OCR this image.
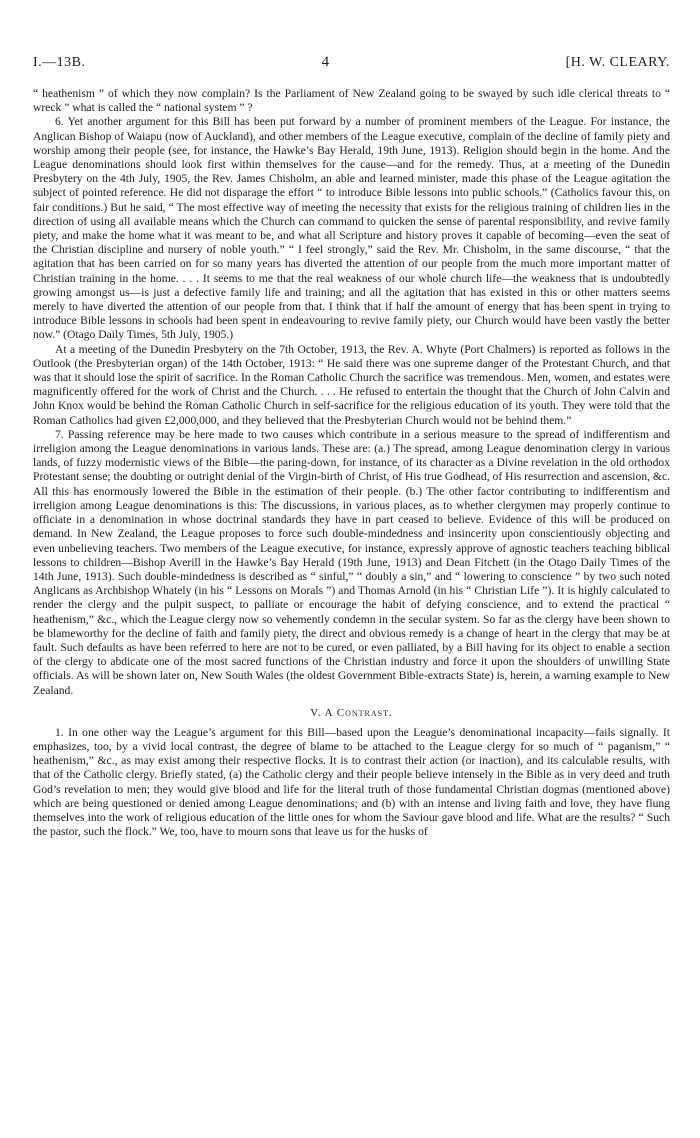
I.—13B.	4	[H. W. CLEARY.

“ heathenism ” of which they now complain? Is the Parliament of New Zealand going to be swayed by such idle clerical threats to “ wreck ” what is called the “ national system ” ?

6. Yet another argument for this Bill has been put forward by a number of prominent members of the League. For instance, the Anglican Bishop of Waiapu (now of Auckland), and other members of the League executive, complain of the decline of family piety and worship among their people (see, for instance, the Hawke’s Bay Herald, 19th June, 1913). Religion should begin in the home. And the League denominations should look first within themselves for the cause—and for the remedy. Thus, at a meeting of the Dunedin Presbytery on the 4th July, 1905, the Rev. James Chisholm, an able and learned minister, made this phase of the League agitation the subject of pointed reference. He did not disparage the effort “ to introduce Bible lessons into public schools.” (Catholics favour this, on fair conditions.) But he said, “ The most effective way of meeting the necessity that exists for the religious training of children lies in the direction of using all available means which the Church can command to quicken the sense of parental responsibility, and revive family piety, and make the home what it was meant to be, and what all Scripture and history proves it capable of becoming—even the seat of the Christian discipline and nursery of noble youth.” “ I feel strongly,” said the Rev. Mr. Chisholm, in the same discourse, “ that the agitation that has been carried on for so many years has diverted the attention of our people from the much more important matter of Christian training in the home. . . . It seems to me that the real weakness of our whole church life—the weakness that is undoubtedly growing amongst us—is just a defective family life and training; and all the agitation that has existed in this or other matters seems merely to have diverted the attention of our people from that. I think that if half the amount of energy that has been spent in trying to introduce Bible lessons in schools had been spent in endeavouring to revive family piety, our Church would have been vastly the better now.” (Otago Daily Times, 5th July, 1905.)

At a meeting of the Dunedin Presbytery on the 7th October, 1913, the Rev. A. Whyte (Port Chalmers) is reported as follows in the Outlook (the Presbyterian organ) of the 14th October, 1913: “ He said there was one supreme danger of the Protestant Church, and that was that it should lose the spirit of sacrifice. In the Roman Catholic Church the sacrifice was tremendous. Men, women, and estates were magnificently offered for the work of Christ and the Church. . . . He refused to entertain the thought that the Church of John Calvin and John Knox would be behind the Roman Catholic Church in self-sacrifice for the religious education of its youth. They were told that the Roman Catholics had given £2,000,000, and they believed that the Presbyterian Church would not be behind them.”

7. Passing reference may be here made to two causes which contribute in a serious measure to the spread of indifferentism and irreligion among the League denominations in various lands. These are: (a.) The spread, among League denomination clergy in various lands, of fuzzy modernistic views of the Bible—the paring-down, for instance, of its character as a Divine revelation in the old orthodox Protestant sense; the doubting or outright denial of the Virgin-birth of Christ, of His true Godhead, of His resurrection and ascension, &c. All this has enormously lowered the Bible in the estimation of their people. (b.) The other factor contributing to indifferentism and irreligion among League denominations is this: The discussions, in various places, as to whether clergymen may properly continue to officiate in a denomination in whose doctrinal standards they have in part ceased to believe. Evidence of this will be produced on demand. In New Zealand, the League proposes to force such double-mindedness and insincerity upon conscientiously objecting and even unbelieving teachers. Two members of the League executive, for instance, expressly approve of agnostic teachers teaching biblical lessons to children—Bishop Averill in the Hawke’s Bay Herald (19th June, 1913) and Dean Fitchett (in the Otago Daily Times of the 14th June, 1913). Such double-mindedness is described as “ sinful,” “ doubly a sin,” and “ lowering to conscience ” by two such noted Anglicans as Archbishop Whately (in his “ Lessons on Morals ”) and Thomas Arnold (in his “ Christian Life ”). It is highly calculated to render the clergy and the pulpit suspect, to palliate or encourage the habit of defying conscience, and to extend the practical “ heathenism,” &c., which the League clergy now so vehemently condemn in the secular system. So far as the clergy have been shown to be blameworthy for the decline of faith and family piety, the direct and obvious remedy is a change of heart in the clergy that may be at fault. Such defaults as have been referred to here are not to be cured, or even palliated, by a Bill having for its object to enable a section of the clergy to abdicate one of the most sacred functions of the Christian industry and force it upon the shoulders of unwilling State officials. As will be shown later on, New South Wales (the oldest Government Bible-extracts State) is, herein, a warning example to New Zealand.

V. A Contrast.

1. In one other way the League’s argument for this Bill—based upon the League’s denominational incapacity—fails signally. It emphasizes, too, by a vivid local contrast, the degree of blame to be attached to the League clergy for so much of “ paganism,” “ heathenism,” &c., as may exist among their respective flocks. It is to contrast their action (or inaction), and its calculable results, with that of the Catholic clergy. Briefly stated, (a) the Catholic clergy and their people believe intensely in the Bible as in very deed and truth God’s revelation to men; they would give blood and life for the literal truth of those fundamental Christian dogmas (mentioned above) which are being questioned or denied among League denominations; and (b) with an intense and living faith and love, they have flung themselves into the work of religious education of the little ones for whom the Saviour gave blood and life. What are the results? “ Such the pastor, such the flock.” We, too, have to mourn sons that leave us for the husks of
